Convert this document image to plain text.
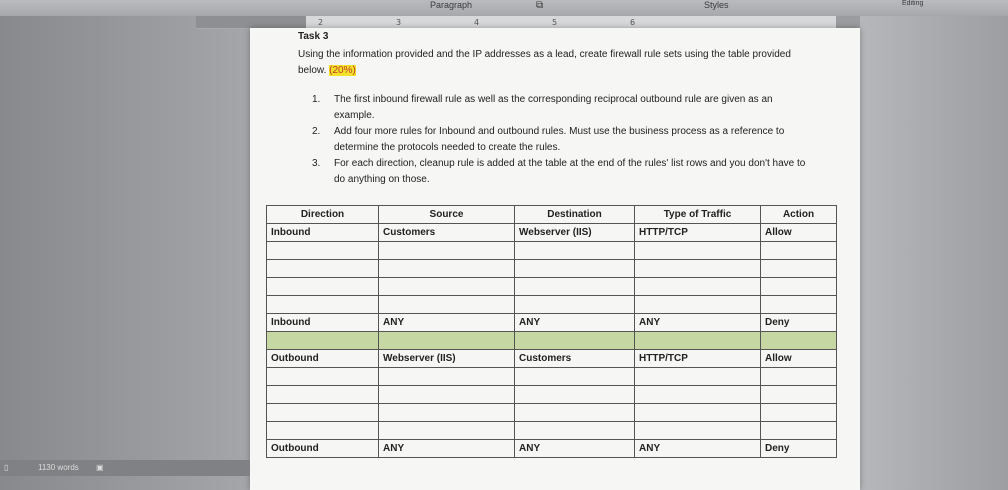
Paragraph	⧉	Styles	Editing
2	3	4	5	6
Task 3
Using the information provided and the IP addresses as a lead, create firewall rule sets using the table provided below. (20%)
1. The first inbound firewall rule as well as the corresponding reciprocal outbound rule are given as an example.
2. Add four more rules for Inbound and outbound rules. Must use the business process as a reference to determine the protocols needed to create the rules.
3. For each direction, cleanup rule is added at the table at the end of the rules' list rows and you don't have to do anything on those.
Direction	Source	Destination	Type of Traffic	Action
Inbound	Customers	Webserver (IIS)	HTTP/TCP	Allow

Inbound	ANY	ANY	ANY	Deny

Outbound	Webserver (IIS)	Customers	HTTP/TCP	Allow

Outbound	ANY	ANY	ANY	Deny
▯	1130 words ▣
